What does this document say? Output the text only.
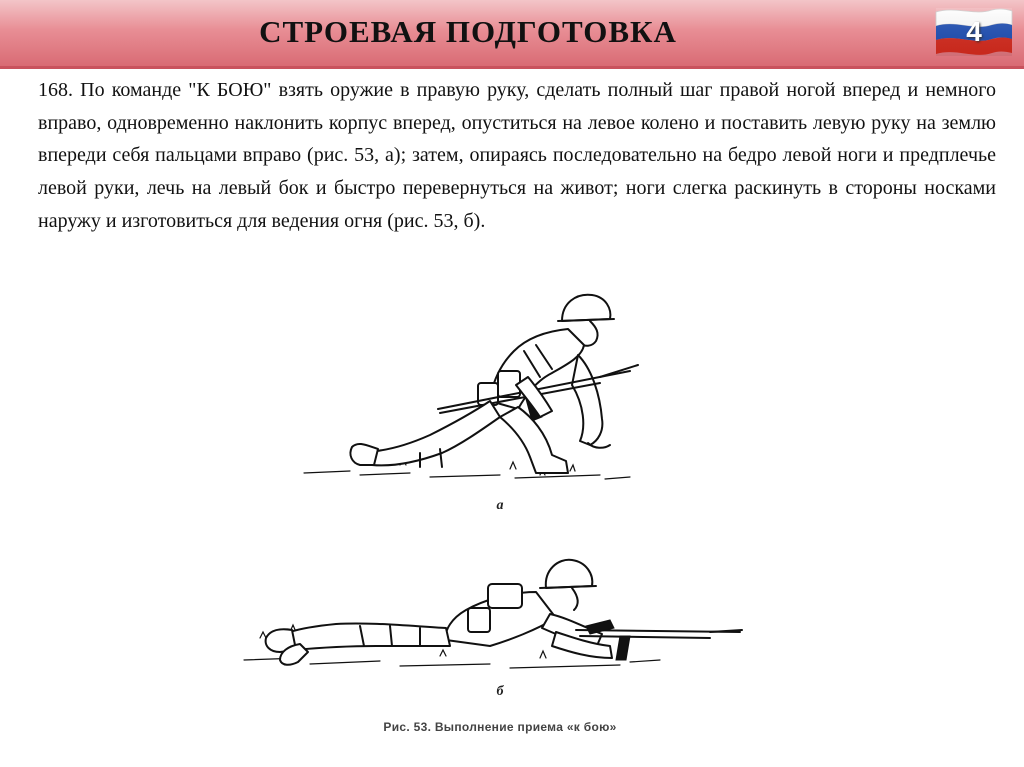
СТРОЕВАЯ ПОДГОТОВКА	4

168. По команде "К БОЮ" взять оружие в правую руку, сделать полный шаг правой ногой вперед и немного вправо, одновременно наклонить корпус вперед, опуститься на левое колено и поставить левую руку на землю впереди себя пальцами вправо (рис. 53, а); затем, опираясь последовательно на бедро левой ноги и предплечье левой руки, лечь на левый бок и быстро перевернуться на живот; ноги слегка раскинуть в стороны носками наружу и изготовиться для ведения огня (рис. 53, б).

а
б
Рис. 53. Выполнение приема «к бою»
